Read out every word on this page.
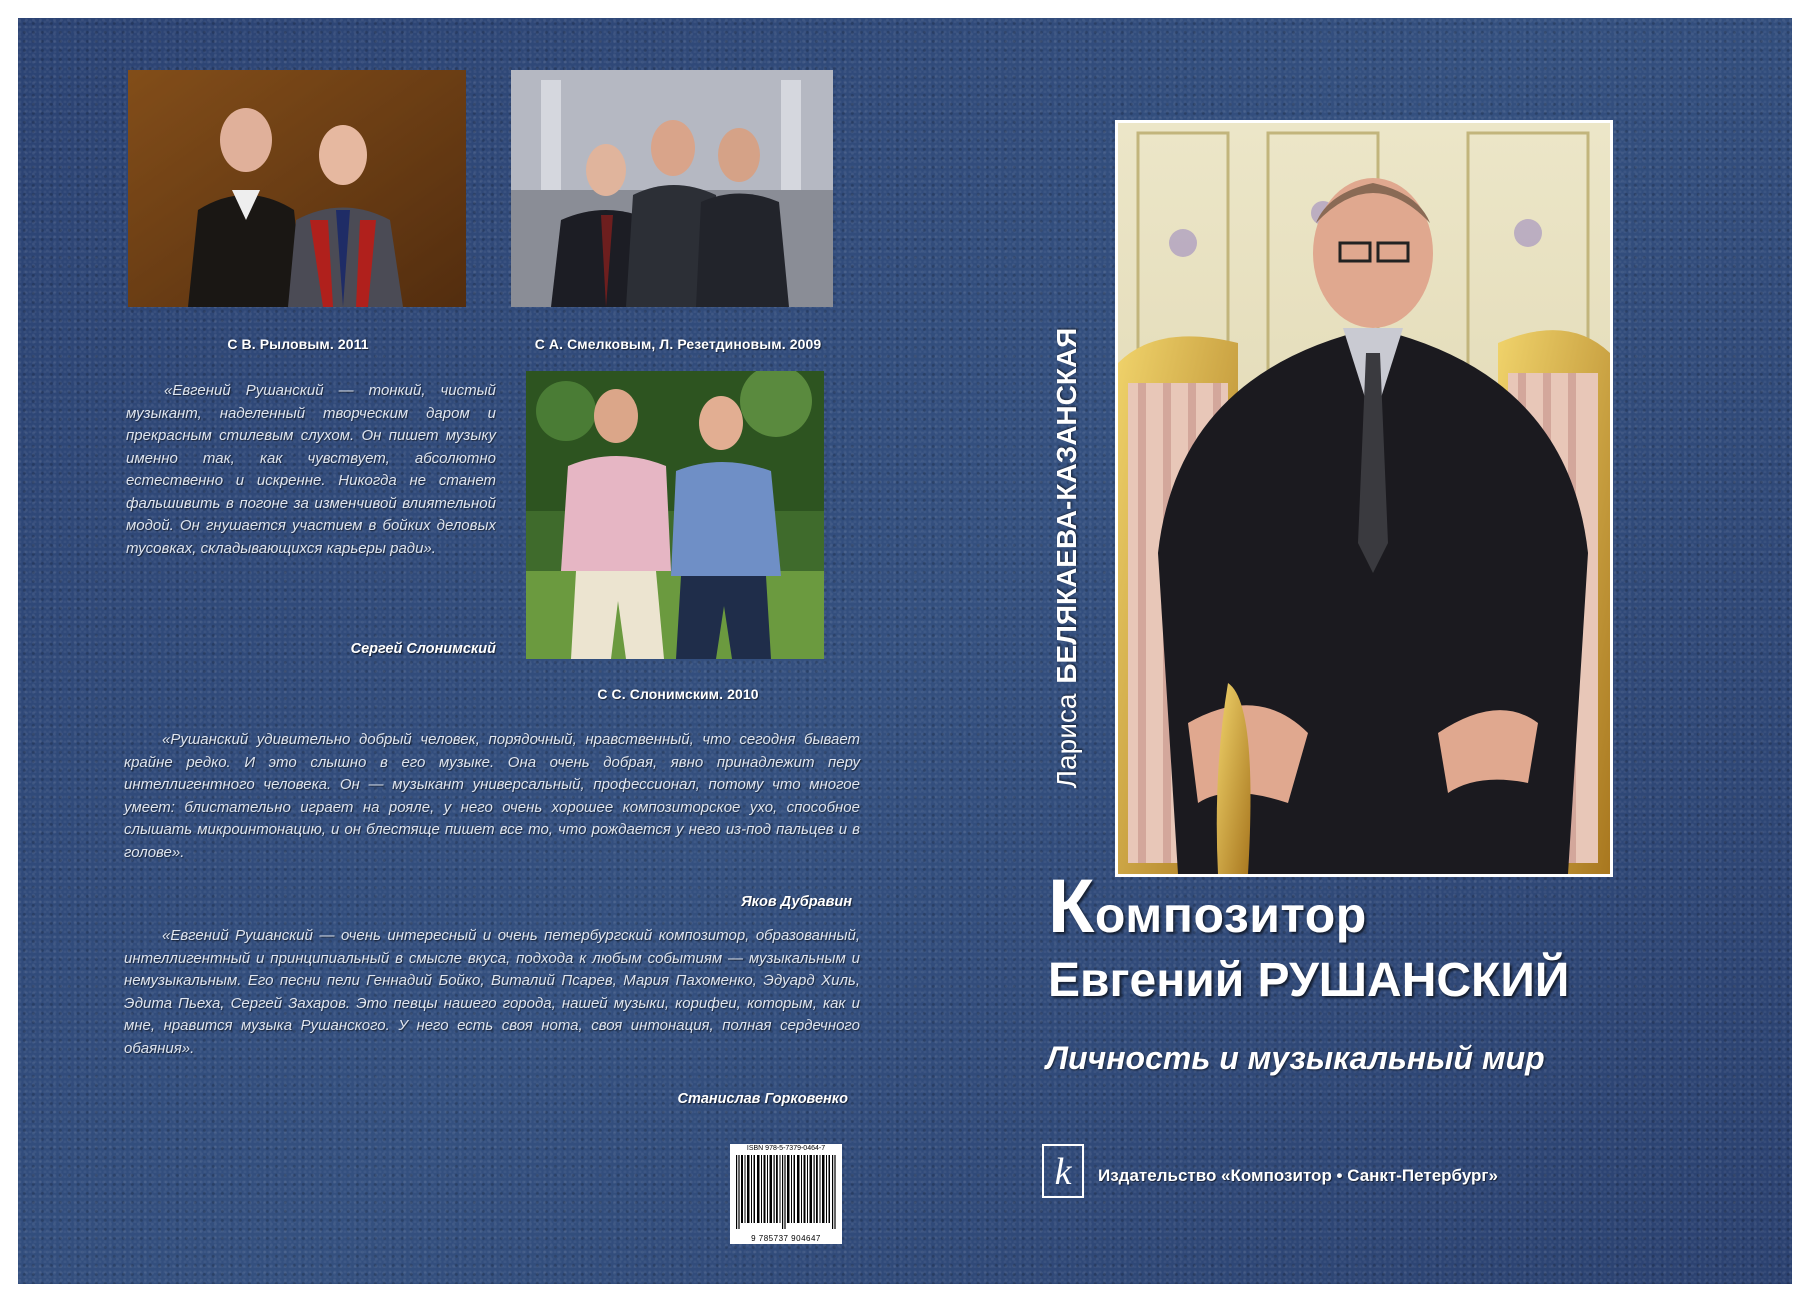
С В. Рыловым. 2011	С А. Смелковым, Л. Резетдиновым. 2009
С С. Слонимским. 2010
«Евгений Рушанский — тонкий, чистый музыкант, наделенный творческим даром и прекрасным стилевым слухом. Он пишет музыку именно так, как чувствует, абсолютно естественно и искренне. Никогда не станет фальшивить в погоне за изменчивой влиятельной модой. Он гнушается участием в бойких деловых тусовках, складывающихся карьеры ради».
Сергей Слонимский
«Рушанский удивительно добрый человек, порядочный, нравственный, что сегодня бывает крайне редко. И это слышно в его музыке. Она очень добрая, явно принадлежит перу интеллигентного человека. Он — музыкант универсальный, профессионал, потому что многое умеет: блистательно играет на рояле, у него очень хорошее композиторское ухо, способное слышать микроинтонацию, и он блестяще пишет все то, что рождается у него из-под пальцев и в голове».
Яков Дубравин
«Евгений Рушанский — очень интересный и очень петербургский композитор, образованный, интеллигентный и принципиальный в смысле вкуса, подхода к любым событиям — музыкальным и немузыкальным. Его песни пели Геннадий Бойко, Виталий Псарев, Мария Пахоменко, Эдуард Хиль, Эдита Пьеха, Сергей Захаров. Это певцы нашего города, нашей музыки, корифеи, которым, как и мне, нравится музыка Рушанского. У него есть своя нота, своя интонация, полная сердечного обаяния».
Станислав Горковенко
ISBN 978-5-7379-0464-7
9 785737 904647
ЛарисаБЕЛЯКАЕВА-КАЗАНСКАЯ
Композитор
Евгений РУШАНСКИЙ
Личность и музыкальный мир
k Издательство «Композитор • Санкт-Петербург»
